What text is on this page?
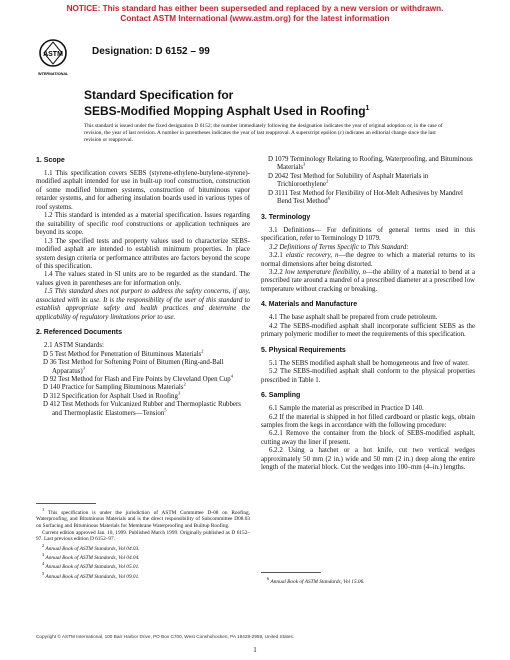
NOTICE: This standard has either been superseded and replaced by a new version or withdrawn.
Contact ASTM International (www.astm.org) for the latest information
ASTM
INTERNATIONAL
Designation: D 6152 – 99
Standard Specification for
SEBS-Modified Mopping Asphalt Used in Roofing$^1$
This standard is issued under the fixed designation D 6152; the number immediately following the designation indicates the year of original adoption or, in the case of revision, the year of last revision. A number in parentheses indicates the year of last reapproval. A superscript epsilon (ε) indicates an editorial change since the last revision or reapproval.
1. Scope

1.1 This specification covers SEBS (styrene-ethylene-butylene-styrene)-modified asphalt intended for use in built-up roof construction, construction of some modified bitumen systems, construction of bituminous vapor retarder systems, and for adhering insulation boards used in various types of roof systems.

1.2 This standard is intended as a material specification. Issues regarding the suitability of specific roof constructions or application techniques are beyond its scope.

1.3 The specified tests and property values used to characterize SEBS-modified asphalt are intended to establish minimum properties. In place system design criteria or performance attributes are factors beyond the scope of this specification.

1.4 The values stated in SI units are to be regarded as the standard. The values given in parentheses are for information only.

1.5 This standard does not purport to address the safety concerns, if any, associated with its use. It is the responsibility of the user of this standard to establish appropriate safety and health practices and determine the applicability of regulatory limitations prior to use.

2. Referenced Documents

2.1 ASTM Standards:

D 5 Test Method for Penetration of Bituminous Materials$^2$

D 36 Test Method for Softening Point of Bitumen (Ring-and-Ball Apparatus)$^3$

D 92 Test Method for Flash and Fire Points by Cleveland Open Cup$^4$

D 140 Practice for Sampling Bituminous Materials$^2$

D 312 Specification for Asphalt Used in Roofing$^3$

D 412 Test Methods for Vulcanized Rubber and Thermoplastic Rubbers and Thermoplastic Elastomers—Tension$^5$

$^1$ This specification is under the jurisdiction of ASTM Committee D-08 on Roofing, Waterproofing, and Bituminous Materials and is the direct responsibility of Subcommittee D08.03 on Surfacing and Bituminous Materials for Membrane Waterproofing and Builtup Roofing.

Current edition approved Jan. 10, 1999. Published March 1999. Originally published as D 6152–97. Last previous edition D 6152–97.

$^2$ Annual Book of ASTM Standards, Vol 04.03.

$^3$ Annual Book of ASTM Standards, Vol 04.04.

$^4$ Annual Book of ASTM Standards, Vol 05.01.

$^5$ Annual Book of ASTM Standards, Vol 09.01.

D 1079 Terminology Relating to Roofing, Waterproofing, and Bituminous Materials$^3$

D 2042 Test Method for Solubility of Asphalt Materials in Trichloroethylene$^2$

D 3111 Test Method for Flexibility of Hot-Melt Adhesives by Mandrel Bend Test Method$^6$

3. Terminology

3.1 Definitions— For definitions of general terms used in this specification, refer to Terminology D 1079.

3.2 Definitions of Terms Specific to This Standard:

3.2.1 elastic recovery, n—the degree to which a material returns to its normal dimensions after being distorted.

3.2.2 low temperature flexibility, n—the ability of a material to bend at a prescribed rate around a mandrel of a prescribed diameter at a prescribed low temperature without cracking or breaking.

4. Materials and Manufacture

4.1 The base asphalt shall be prepared from crude petroleum.

4.2 The SEBS-modified asphalt shall incorporate sufficient SEBS as the primary polymeric modifier to meet the requirements of this specification.

5. Physical Requirements

5.1 The SEBS modified asphalt shall be homogeneous and free of water.

5.2 The SEBS-modified asphalt shall conform to the physical properties prescribed in Table 1.

6. Sampling

6.1 Sample the material as prescribed in Practice D 140.

6.2 If the material is shipped in hot filled cardboard or plastic kegs, obtain samples from the kegs in accordance with the following procedure:

6.2.1 Remove the container from the block of SEBS-modified asphalt, cutting away the liner if present.

6.2.2 Using a hatchet or a hot knife, cut two vertical wedges approximately 50 mm (2 in.) wide and 50 mm (2 in.) deep along the entire length of the material block. Cut the wedges into 100–mm (4–in.) lengths.

$^6$ Annual Book of ASTM Standards, Vol 15.06.

Copyright © ASTM International, 100 Barr Harbor Drive, PO Box C700, West Conshohocken, PA 19428-2959, United States.
1
